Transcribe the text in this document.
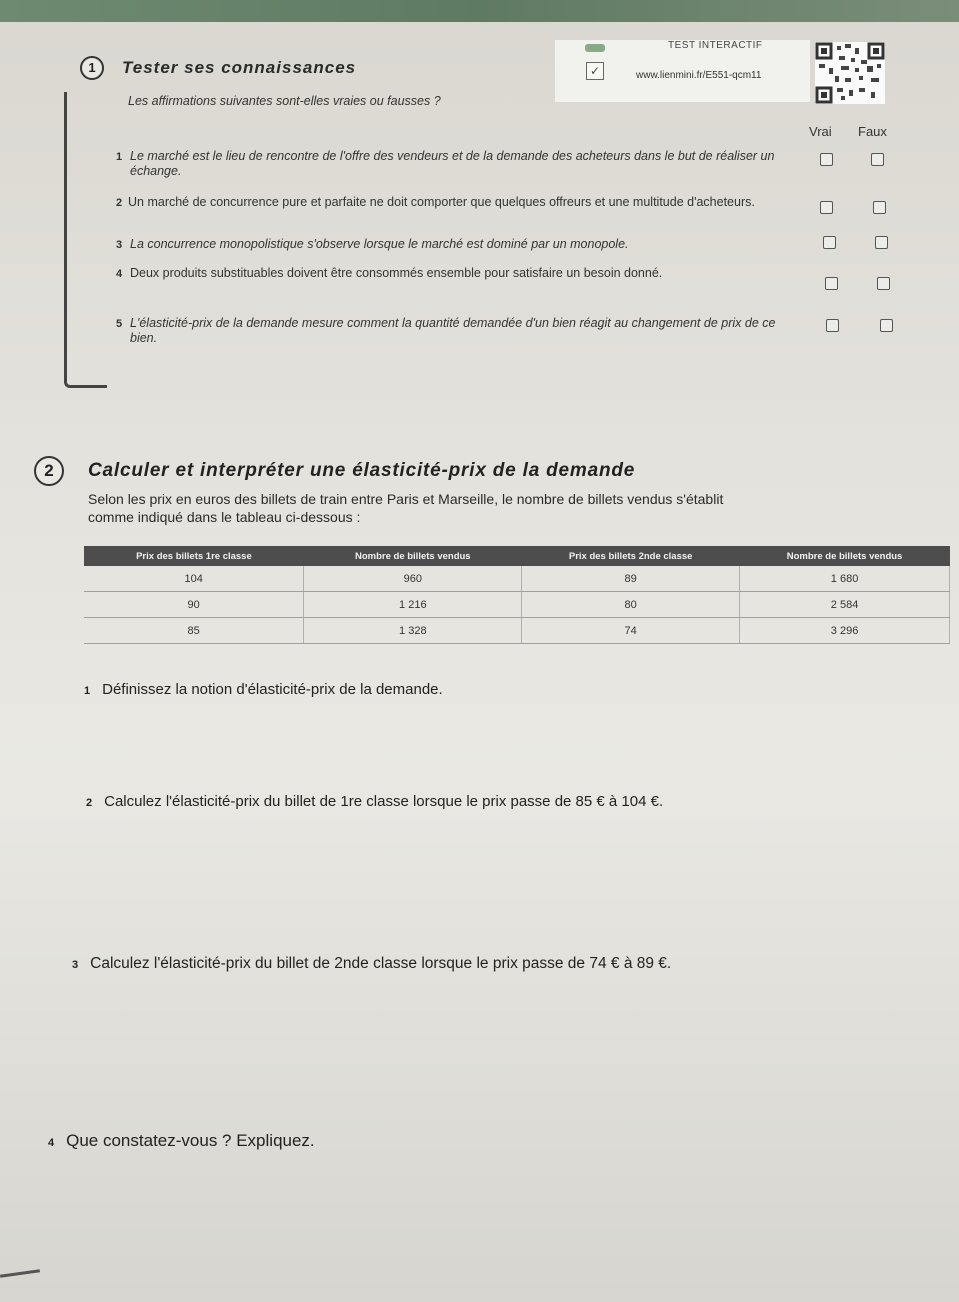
1	Tester ses connaissances
Les affirmations suivantes sont-elles vraies ou fausses ?
✓
TEST INTERACTIF
www.lienmini.fr/E551-qcm11
Vrai Faux
1 Le marché est le lieu de rencontre de l'offre des vendeurs et de la demande des acheteurs dans le but de réaliser un échange.
2 Un marché de concurrence pure et parfaite ne doit comporter que quelques offreurs et une multitude d'acheteurs.
3 La concurrence monopolistique s'observe lorsque le marché est dominé par un monopole.
4 Deux produits substituables doivent être consommés ensemble pour satisfaire un besoin donné.
5 L'élasticité-prix de la demande mesure comment la quantité demandée d'un bien réagit au changement de prix de ce bien.
2	Calculer et interpréter une élasticité-prix de la demande
Selon les prix en euros des billets de train entre Paris et Marseille, le nombre de billets vendus s'établit
comme indiqué dans le tableau ci-dessous :
Prix des billets 1re classe	Nombre de billets vendus	Prix des billets 2nde classe	Nombre de billets vendus
104	960	89	1 680
90	1 216	80	2 584
85	1 328	74	3 296
1 Définissez la notion d'élasticité-prix de la demande.
2 Calculez l'élasticité-prix du billet de 1re classe lorsque le prix passe de 85 € à 104 €.
3 Calculez l'élasticité-prix du billet de 2nde classe lorsque le prix passe de 74 € à 89 €.
4 Que constatez-vous ? Expliquez.
